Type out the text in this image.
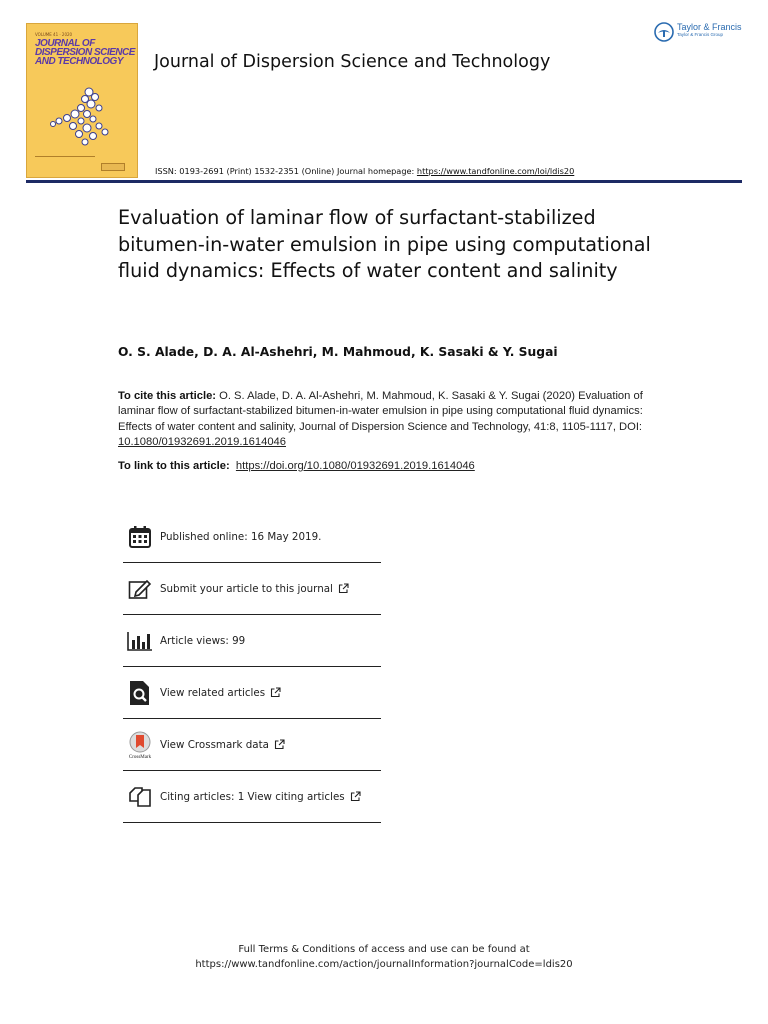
VOLUME 41 · 2020
JOURNAL OF DISPERSION SCIENCE AND TECHNOLOGY	Journal of Dispersion Science and Technology
Taylor & Francis
Taylor & Francis Group
ISSN: 0193-2691 (Print) 1532-2351 (Online) Journal homepage: https://www.tandfonline.com/loi/ldis20
Evaluation of laminar flow of surfactant-stabilized bitumen-in-water emulsion in pipe using computational fluid dynamics: Effects of water content and salinity
O. S. Alade, D. A. Al-Ashehri, M. Mahmoud, K. Sasaki & Y. Sugai

To cite this article: O. S. Alade, D. A. Al-Ashehri, M. Mahmoud, K. Sasaki & Y. Sugai (2020) Evaluation of laminar flow of surfactant-stabilized bitumen-in-water emulsion in pipe using computational fluid dynamics: Effects of water content and salinity, Journal of Dispersion Science and Technology, 41:8, 1105-1117, DOI: 10.1080/01932691.2019.1614046

To link to this article: https://doi.org/10.1080/01932691.2019.1614046
Published online: 16 May 2019.
Submit your article to this journal
Article views: 99
View related articles
CrossMark
View Crossmark data
Citing articles: 1 View citing articles
Full Terms & Conditions of access and use can be found at
https://www.tandfonline.com/action/journalInformation?journalCode=ldis20
